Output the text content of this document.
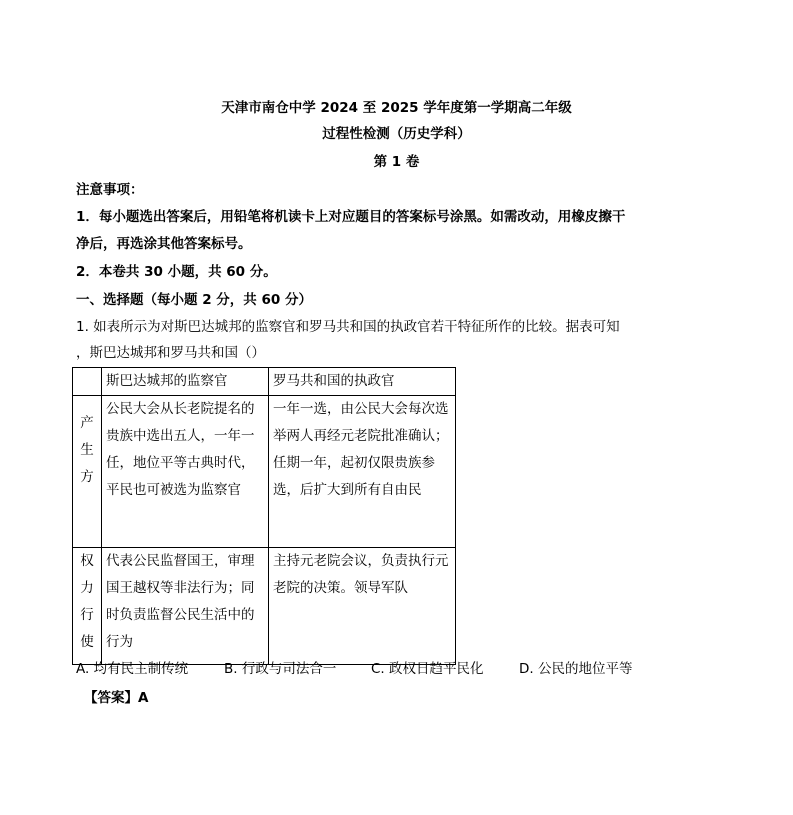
天津市南仓中学 2024 至 2025 学年度第一学期高二年级
过程性检测（历史学科）
第 1 卷
注意事项：
1．每小题选出答案后，用铅笔将机读卡上对应题目的答案标号涂黑。如需改动，用橡皮擦干
净后，再选涂其他答案标号。
2．本卷共 30 小题，共 60 分。
一、选择题（每小题 2 分，共 60 分）
1. 如表所示为对斯巴达城邦的监察官和罗马共和国的执政官若干特征所作的比较。据表可知
，斯巴达城邦和罗马共和国（）
	斯巴达城邦的监察官	罗马共和国的执政官
产生方	公民大会从长老院提名的贵族中选出五人，一年一任，地位平等古典时代，平民也可被选为监察官	一年一选，由公民大会每次选举两人再经元老院批准确认；任期一年，起初仅限贵族参选，后扩大到所有自由民
权力行使	代表公民监督国王，审理国王越权等非法行为；同时负责监督公民生活中的行为	主持元老院会议，负责执行元老院的决策。领导军队
A. 均有民主制传统	B. 行政与司法合一	C. 政权日趋平民化	D. 公民的地位平等
【答案】A
